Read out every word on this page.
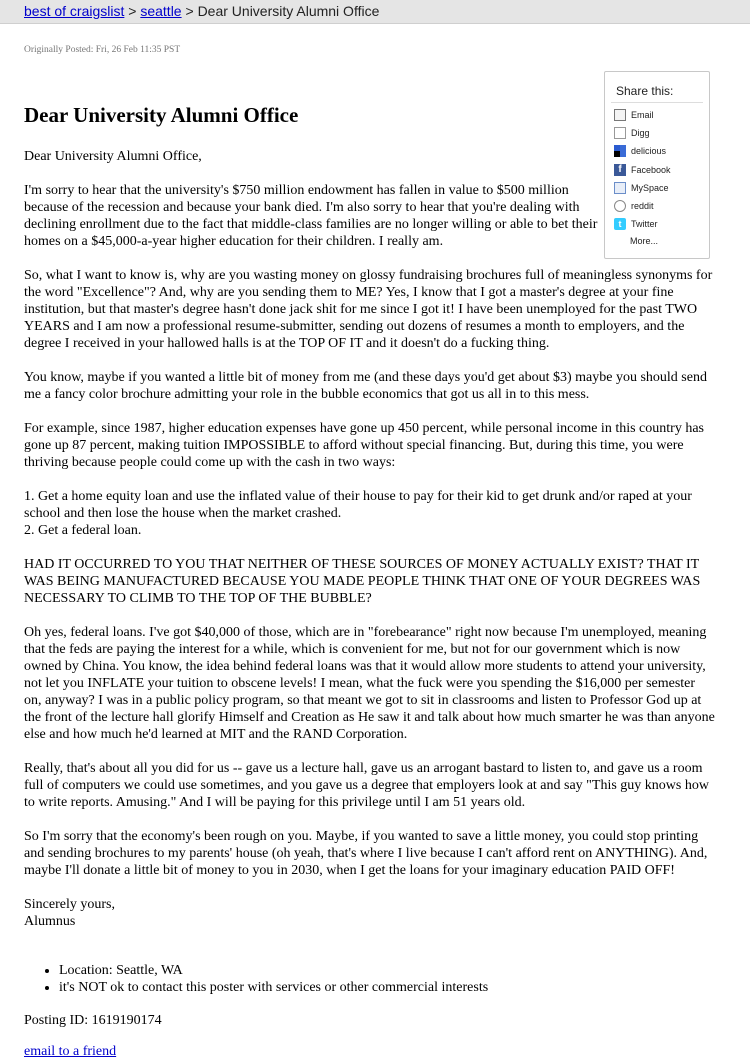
best of craigslist > seattle > Dear University Alumni Office
Originally Posted: Fri, 26 Feb 11:35 PST
Dear University Alumni Office
Share this:
Email
Digg
delicious
f	Facebook
MySpace
reddit
t	Twitter
More...

Dear University Alumni Office,

I'm sorry to hear that the university's $750 million endowment has fallen in value to $500 million because of the recession and because your bank died. I'm also sorry to hear that you're dealing with declining enrollment due to the fact that middle-class families are no longer willing or able to bet their homes on a $45,000-a-year higher education for their children. I really am.

So, what I want to know is, why are you wasting money on glossy fundraising brochures full of meaningless synonyms for the word "Excellence"? And, why are you sending them to ME? Yes, I know that I got a master's degree at your fine institution, but that master's degree hasn't done jack shit for me since I got it! I have been unemployed for the past TWO YEARS and I am now a professional resume-submitter, sending out dozens of resumes a month to employers, and the degree I received in your hallowed halls is at the TOP OF IT and it doesn't do a fucking thing.

You know, maybe if you wanted a little bit of money from me (and these days you'd get about $3) maybe you should send me a fancy color brochure admitting your role in the bubble economics that got us all in to this mess.

For example, since 1987, higher education expenses have gone up 450 percent, while personal income in this country has gone up 87 percent, making tuition IMPOSSIBLE to afford without special financing. But, during this time, you were thriving because people could come up with the cash in two ways:

1. Get a home equity loan and use the inflated value of their house to pay for their kid to get drunk and/or raped at your school and then lose the house when the market crashed.

2. Get a federal loan.

HAD IT OCCURRED TO YOU THAT NEITHER OF THESE SOURCES OF MONEY ACTUALLY EXIST? THAT IT WAS BEING MANUFACTURED BECAUSE YOU MADE PEOPLE THINK THAT ONE OF YOUR DEGREES WAS NECESSARY TO CLIMB TO THE TOP OF THE BUBBLE?

Oh yes, federal loans. I've got $40,000 of those, which are in "forebearance" right now because I'm unemployed, meaning that the feds are paying the interest for a while, which is convenient for me, but not for our government which is now owned by China. You know, the idea behind federal loans was that it would allow more students to attend your university, not let you INFLATE your tuition to obscene levels! I mean, what the fuck were you spending the $16,000 per semester on, anyway? I was in a public policy program, so that meant we got to sit in classrooms and listen to Professor God up at the front of the lecture hall glorify Himself and Creation as He saw it and talk about how much smarter he was than anyone else and how much he'd learned at MIT and the RAND Corporation.

Really, that's about all you did for us -- gave us a lecture hall, gave us an arrogant bastard to listen to, and gave us a room full of computers we could use sometimes, and you gave us a degree that employers look at and say "This guy knows how to write reports. Amusing." And I will be paying for this privilege until I am 51 years old.

So I'm sorry that the economy's been rough on you. Maybe, if you wanted to save a little money, you could stop printing and sending brochures to my parents' house (oh yeah, that's where I live because I can't afford rent on ANYTHING). And, maybe I'll donate a little bit of money to you in 2030, when I get the loans for your imaginary education PAID OFF!

Sincerely yours,
Alumnus
• Location: Seattle, WA
• it's NOT ok to contact this poster with services or other commercial interests
Posting ID: 1619190174
email to a friend
